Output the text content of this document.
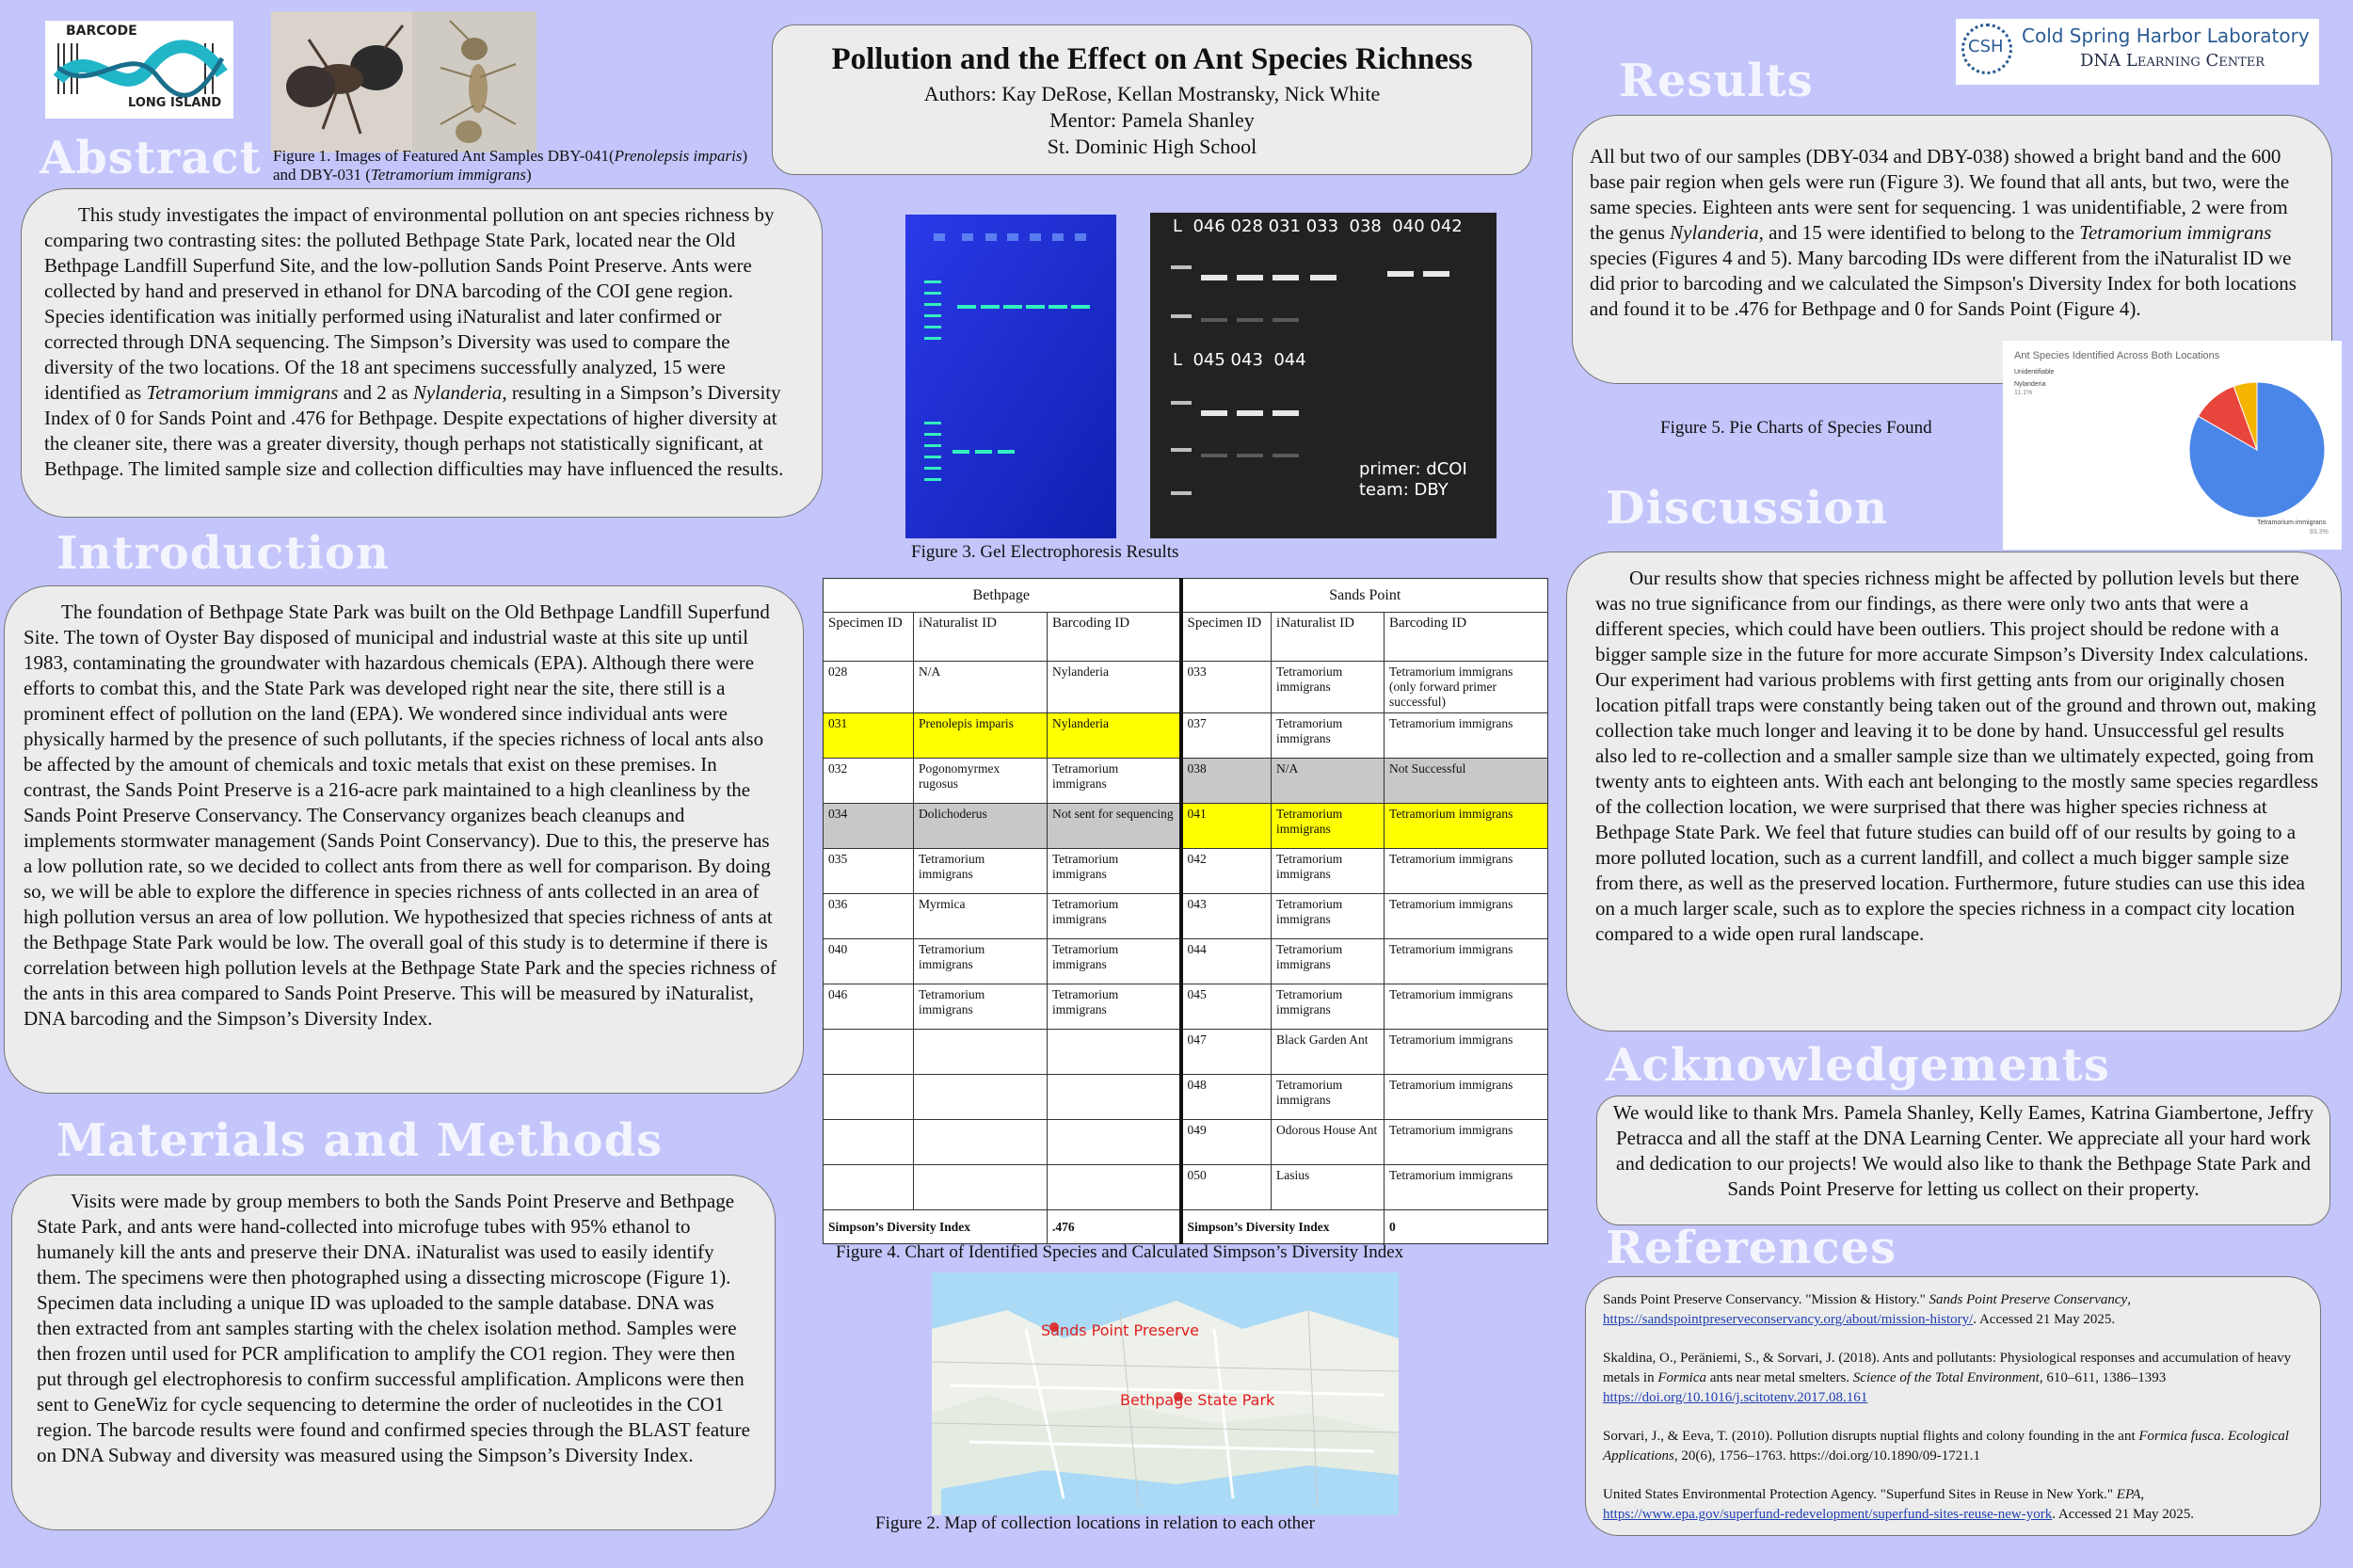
BARCODE
LONG ISLAND
CSH Cold Spring Harbor Laboratory
DNA Learning Center
Figure 1. Images of Featured Ant Samples DBY-041(Prenolepsis imparis)
and DBY-031 (Tetramorium immigrans)
Pollution and the Effect on Ant Species Richness
Authors: Kay DeRose, Kellan Mostransky, Nick White
Mentor: Pamela Shanley
St. Dominic High School
Abstract

This study investigates the impact of environmental pollution on ant species richness by comparing two contrasting sites: the polluted Bethpage State Park, located near the Old Bethpage Landfill Superfund Site, and the low-pollution Sands Point Preserve. Ants were collected by hand and preserved in ethanol for DNA barcoding of the COI gene region. Species identification was initially performed using iNaturalist and later confirmed or corrected through DNA sequencing. The Simpson’s Diversity was used to compare the diversity of the two locations. Of the 18 ant specimens successfully analyzed, 15 were identified as Tetramorium immigrans and 2 as Nylanderia, resulting in a Simpson’s Diversity Index of 0 for Sands Point and .476 for Bethpage. Despite expectations of higher diversity at the cleaner site, there was a greater diversity, though perhaps not statistically significant, at Bethpage. The limited sample size and collection difficulties may have influenced the results.

Introduction

The foundation of Bethpage State Park was built on the Old Bethpage Landfill Superfund Site. The town of Oyster Bay disposed of municipal and industrial waste at this site up until 1983, contaminating the groundwater with hazardous chemicals (EPA). Although there were efforts to combat this, and the State Park was developed right near the site, there still is a prominent effect of pollution on the land (EPA). We wondered since individual ants were physically harmed by the presence of such pollutants, if the species richness of local ants also be affected by the amount of chemicals and toxic metals that exist on these premises. In contrast, the Sands Point Preserve is a 216-acre park maintained to a high cleanliness by the Sands Point Preserve Conservancy. The Conservancy organizes beach cleanups and implements stormwater management (Sands Point Conservancy). Due to this, the preserve has a low pollution rate, so we decided to collect ants from there as well for comparison. By doing so, we will be able to explore the difference in species richness of ants collected in an area of high pollution versus an area of low pollution. We hypothesized that species richness of ants at the Bethpage State Park would be low. The overall goal of this study is to determine if there is correlation between high pollution levels at the Bethpage State Park and the species richness of the ants in this area compared to Sands Point Preserve. This will be measured by iNaturalist, DNA barcoding and the Simpson’s Diversity Index.

Materials and Methods

Visits were made by group members to both the Sands Point Preserve and Bethpage State Park, and ants were hand-collected into microfuge tubes with 95% ethanol to humanely kill the ants and preserve their DNA. iNaturalist was used to easily identify them. The specimens were then photographed using a dissecting microscope (Figure 1). Specimen data including a unique ID was uploaded to the sample database. DNA was then extracted from ant samples starting with the chelex isolation method. Samples were then frozen until used for PCR amplification to amplify the CO1 region. They were then put through gel electrophoresis to confirm successful amplification. Amplicons were then sent to GeneWiz for cycle sequencing to determine the order of nucleotides in the CO1 region. The barcode results were found and confirmed species through the BLAST feature on DNA Subway and diversity was measured using the Simpson’s Diversity Index.

L  046 028 031 033  038  040 042
L  045 043  044
primer: dCOI
team: DBY
Figure 3. Gel Electrophoresis Results
Bethpage			Sands Point		
Specimen ID	iNaturalist ID	Barcoding ID	Specimen ID	iNaturalist ID	Barcoding ID
028	N/A	Nylanderia	033	Tetramorium immigrans	Tetramorium immigrans (only forward primer successful)
031	Prenolepis imparis	Nylanderia	037	Tetramorium immigrans	Tetramorium immigrans
032	Pogonomyrmex rugosus	Tetramorium immigrans	038	N/A	Not Successful
034	Dolichoderus	Not sent for sequencing	041	Tetramorium immigrans	Tetramorium immigrans
035	Tetramorium immigrans	Tetramorium immigrans	042	Tetramorium immigrans	Tetramorium immigrans
036	Myrmica	Tetramorium immigrans	043	Tetramorium immigrans	Tetramorium immigrans
040	Tetramorium immigrans	Tetramorium immigrans	044	Tetramorium immigrans	Tetramorium immigrans
046	Tetramorium immigrans	Tetramorium immigrans	045	Tetramorium immigrans	Tetramorium immigrans
			047	Black Garden Ant	Tetramorium immigrans
			048	Tetramorium immigrans	Tetramorium immigrans
			049	Odorous House Ant	Tetramorium immigrans
			050	Lasius	Tetramorium immigrans
Simpson’s Diversity Index		.476	Simpson’s Diversity Index		0
Figure 4. Chart of Identified Species and Calculated Simpson’s Diversity Index
Sands Point Preserve
Bethpage State Park
Figure 2. Map of collection locations in relation to each other
Results

All but two of our samples (DBY-034 and DBY-038) showed a bright band and the 600 base pair region when gels were run (Figure 3). We found that all ants, but two, were the same species. Eighteen ants were sent for sequencing. 1 was unidentifiable, 2 were from the genus Nylanderia, and 15 were identified to belong to the Tetramorium immigrans species (Figures 4 and 5). Many barcoding IDs were different from the iNaturalist ID we did prior to barcoding and we calculated the Simpson's Diversity Index for both locations and found it to be .476 for Bethpage and 0 for Sands Point (Figure 4).

Figure 5. Pie Charts of Species Found
Ant Species Identified Across Both Locations
Unidentifiable
Nylanderia
11.1%
Tetramorium immigrans
83.3%
Discussion

Our results show that species richness might be affected by pollution levels but there was no true significance from our findings, as there were only two ants that were a different species, which could have been outliers. This project should be redone with a bigger sample size in the future for more accurate Simpson’s Diversity Index calculations. Our experiment had various problems with first getting ants from our originally chosen location pitfall traps were constantly being taken out of the ground and thrown out, making collection take much longer and leaving it to be done by hand. Unsuccessful gel results also led to re-collection and a smaller sample size than we ultimately expected, going from twenty ants to eighteen ants. With each ant belonging to the mostly same species regardless of the collection location, we were surprised that there was higher species richness at Bethpage State Park. We feel that future studies can build off of our results by going to a more polluted location, such as a current landfill, and collect a much bigger sample size from there, as well as the preserved location. Furthermore, future studies can use this idea on a much larger scale, such as to explore the species richness in a compact city location compared to a wide open rural landscape.

Acknowledgements

We would like to thank Mrs. Pamela Shanley, Kelly Eames, Katrina Giambertone, Jeffry Petracca and all the staff at the DNA Learning Center. We appreciate all your hard work and dedication to our projects! We would also like to thank the Bethpage State Park and Sands Point Preserve for letting us collect on their property.

References

Sands Point Preserve Conservancy. "Mission & History." Sands Point Preserve Conservancy, https://sandspointpreserveconservancy.org/about/mission-history/. Accessed 21 May 2025.

Skaldina, O., Peräniemi, S., & Sorvari, J. (2018). Ants and pollutants: Physiological responses and accumulation of heavy metals in Formica ants near metal smelters. Science of the Total Environment, 610–611, 1386–1393 https://doi.org/10.1016/j.scitotenv.2017.08.161

Sorvari, J., & Eeva, T. (2010). Pollution disrupts nuptial flights and colony founding in the ant Formica fusca. Ecological Applications, 20(6), 1756–1763. https://doi.org/10.1890/09-1721.1

United States Environmental Protection Agency. "Superfund Sites in Reuse in New York." EPA, https://www.epa.gov/superfund-redevelopment/superfund-sites-reuse-new-york. Accessed 21 May 2025.
